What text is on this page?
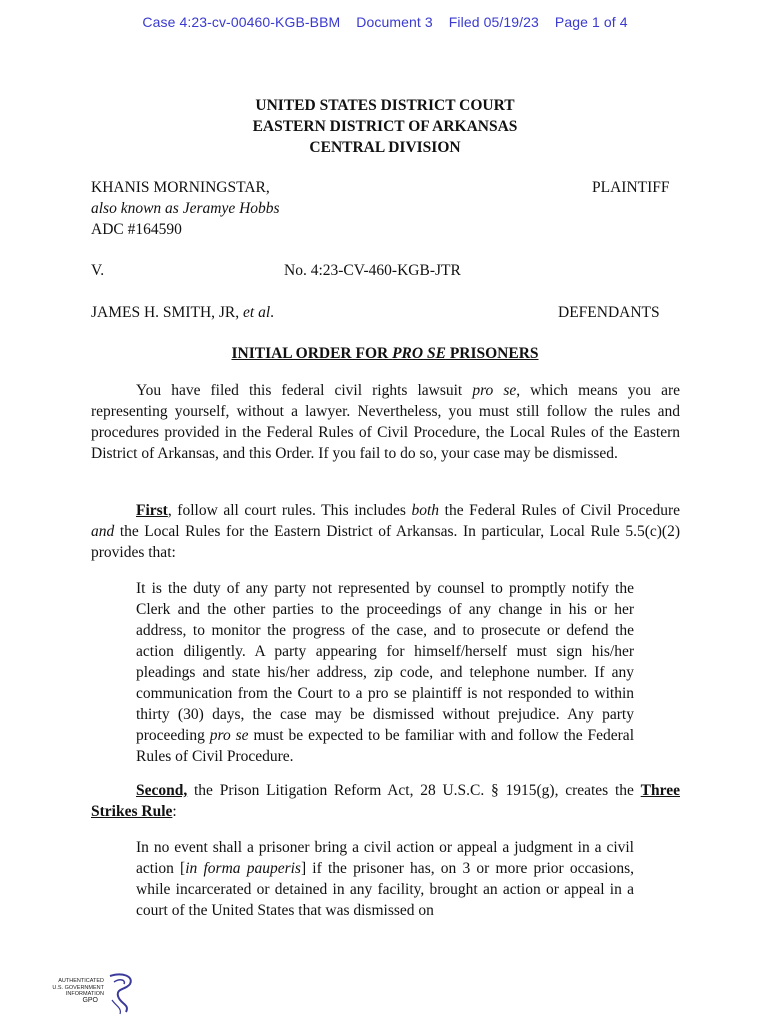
Case 4:23-cv-00460-KGB-BBM Document 3 Filed 05/19/23 Page 1 of 4
UNITED STATES DISTRICT COURT
EASTERN DISTRICT OF ARKANSAS
CENTRAL DIVISION
KHANIS MORNINGSTAR,	PLAINTIFF
also known as Jeramye Hobbs
ADC #164590
V.	No. 4:23-CV-460-KGB-JTR
JAMES H. SMITH, JR, et al.	DEFENDANTS
INITIAL ORDER FOR PRO SE PRISONERS
You have filed this federal civil rights lawsuit pro se, which means you are representing yourself, without a lawyer. Nevertheless, you must still follow the rules and procedures provided in the Federal Rules of Civil Procedure, the Local Rules of the Eastern District of Arkansas, and this Order. If you fail to do so, your case may be dismissed.
First, follow all court rules. This includes both the Federal Rules of Civil Procedure and the Local Rules for the Eastern District of Arkansas. In particular, Local Rule 5.5(c)(2) provides that:
It is the duty of any party not represented by counsel to promptly notify the Clerk and the other parties to the proceedings of any change in his or her address, to monitor the progress of the case, and to prosecute or defend the action diligently. A party appearing for himself/herself must sign his/her pleadings and state his/her address, zip code, and telephone number. If any communication from the Court to a pro se plaintiff is not responded to within thirty (30) days, the case may be dismissed without prejudice. Any party proceeding pro se must be expected to be familiar with and follow the Federal Rules of Civil Procedure.
Second, the Prison Litigation Reform Act, 28 U.S.C. § 1915(g), creates the Three Strikes Rule:
In no event shall a prisoner bring a civil action or appeal a judgment in a civil action [in forma pauperis] if the prisoner has, on 3 or more prior occasions, while incarcerated or detained in any facility, brought an action or appeal in a court of the United States that was dismissed on
AUTHENTICATED
U.S. GOVERNMENT
INFORMATION
GPO
